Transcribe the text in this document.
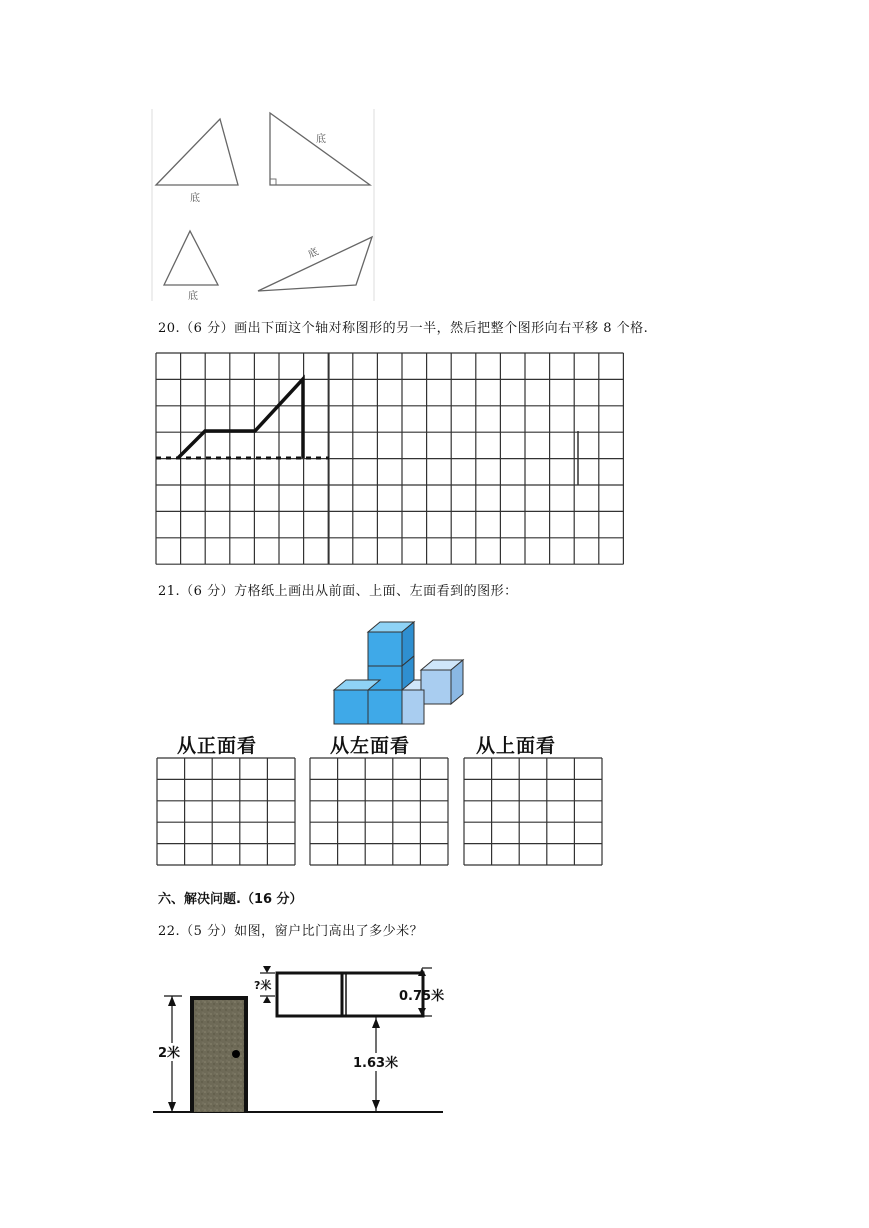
底
底
底
底
20.（6 分）画出下面这个轴对称图形的另一半，然后把整个图形向右平移 8 个格.
21.（6 分）方格纸上画出从前面、上面、左面看到的图形：
从正面看	从左面看	从上面看
六、解决问题.（16 分）
22.（5 分）如图，窗户比门高出了多少米？
2米
?米
0.75米
1.63米
